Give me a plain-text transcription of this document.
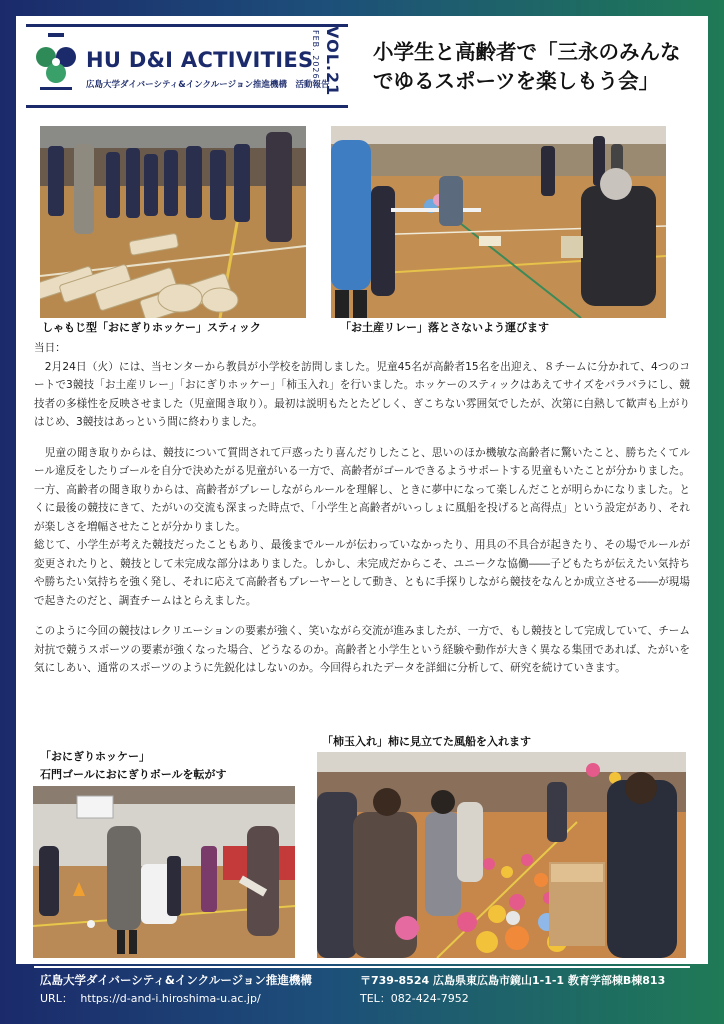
HU D&I ACTIVITIES
広島大学ダイバーシティ&インクルージョン推進機構　活動報告
FEB. 2026 VOL.21 小学生と高齢者で「三永のみんな
でゆるスポーツを楽しもう会」
しゃもじ型「おにぎりホッケー」スティック	「お土産リレー」落とさないよう運びます

当日：

　2月24日（火）には、当センターから教員が小学校を訪問しました。児童45名が高齢者15名を出迎え、８チームに分かれて、4つのコートで3競技「お土産リレー」「おにぎりホッケー」「柿玉入れ」を行いました。ホッケーのスティックはあえてサイズをバラバラにし、競技者の多様性を反映させました（児童聞き取り）。最初は説明もたとたどしく、ぎこちない雰囲気でしたが、次第に白熱して歓声も上がりはじめ、3競技はあっという間に終わりました。

　児童の聞き取りからは、競技について質問されて戸惑ったり喜んだりしたこと、思いのほか機敏な高齢者に驚いたこと、勝ちたくてルール違反をしたりゴールを自分で決めたがる児童がいる一方で、高齢者がゴールできるようサポートする児童もいたことが分かりました。一方、高齢者の聞き取りからは、高齢者がプレーしながらルールを理解し、ときに夢中になって楽しんだことが明らかになりました。とくに最後の競技にきて、たがいの交流も深まった時点で、「小学生と高齢者がいっしょに風船を投げると高得点」という設定があり、それが楽しさを増幅させたことが分かりました。

総じて、小学生が考えた競技だったこともあり、最後までルールが伝わっていなかったり、用具の不具合が起きたり、その場でルールが変更されたりと、競技として未完成な部分はありました。しかし、未完成だからこそ、ユニークな協働――子どもたちが伝えたい気持ちや勝ちたい気持ちを強く発し、それに応えて高齢者もプレーヤーとして動き、ともに手探りしながら競技をなんとか成立させる――が現場で起きたのだと、調査チームはとらえました。

このように今回の競技はレクリエーションの要素が強く、笑いながら交流が進みましたが、一方で、もし競技として完成していて、チーム対抗で競うスポーツの要素が強くなった場合、どうなるのか。高齢者と小学生という経験や動作が大きく異なる集団であれば、たがいを気にしあい、通常のスポーツのように先鋭化はしないのか。今回得られたデータを詳細に分析して、研究を続けていきます。

「おにぎりホッケー」
石門ゴールにおにぎりボールを転がす
「柿玉入れ」柿に見立てた風船を入れます
広島大学ダイバーシティ&インクルージョン推進機構	〒739-8524 広島県東広島市鏡山1-1-1 教育学部棟B棟813
URL： https://d-and-i.hiroshima-u.ac.jp/	TEL：082-424-7952
